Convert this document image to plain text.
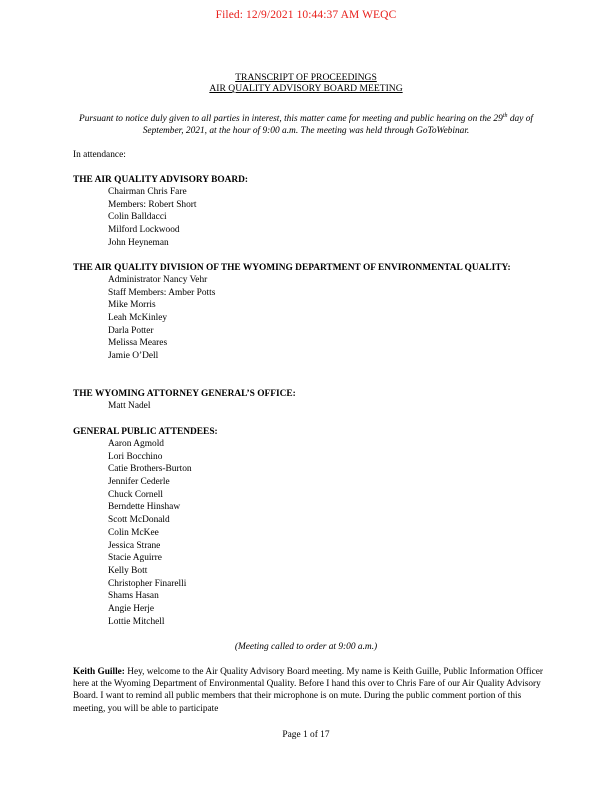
Filed: 12/9/2021 10:44:37 AM WEQC
TRANSCRIPT OF PROCEEDINGS
AIR QUALITY ADVISORY BOARD MEETING
Pursuant to notice duly given to all parties in interest, this matter came for meeting and public hearing on the 29th day of September, 2021, at the hour of 9:00 a.m. The meeting was held through GoToWebinar.
In attendance:
THE AIR QUALITY ADVISORY BOARD:
Chairman Chris Fare
Members: Robert Short
Colin Balldacci
Milford Lockwood
John Heyneman
THE AIR QUALITY DIVISION OF THE WYOMING DEPARTMENT OF ENVIRONMENTAL QUALITY:
Administrator Nancy Vehr
Staff Members: Amber Potts
Mike Morris
Leah McKinley
Darla Potter
Melissa Meares
Jamie O’Dell
THE WYOMING ATTORNEY GENERAL’S OFFICE:
Matt Nadel
GENERAL PUBLIC ATTENDEES:
Aaron Agmold
Lori Bocchino
Catie Brothers-Burton
Jennifer Cederle
Chuck Cornell
Berndette Hinshaw
Scott McDonald
Colin McKee
Jessica Strane
Stacie Aguirre
Kelly Bott
Christopher Finarelli
Shams Hasan
Angie Herje
Lottie Mitchell
(Meeting called to order at 9:00 a.m.)
Keith Guille: Hey, welcome to the Air Quality Advisory Board meeting. My name is Keith Guille, Public Information Officer here at the Wyoming Department of Environmental Quality. Before I hand this over to Chris Fare of our Air Quality Advisory Board. I want to remind all public members that their microphone is on mute. During the public comment portion of this meeting, you will be able to participate
Page 1 of 17
